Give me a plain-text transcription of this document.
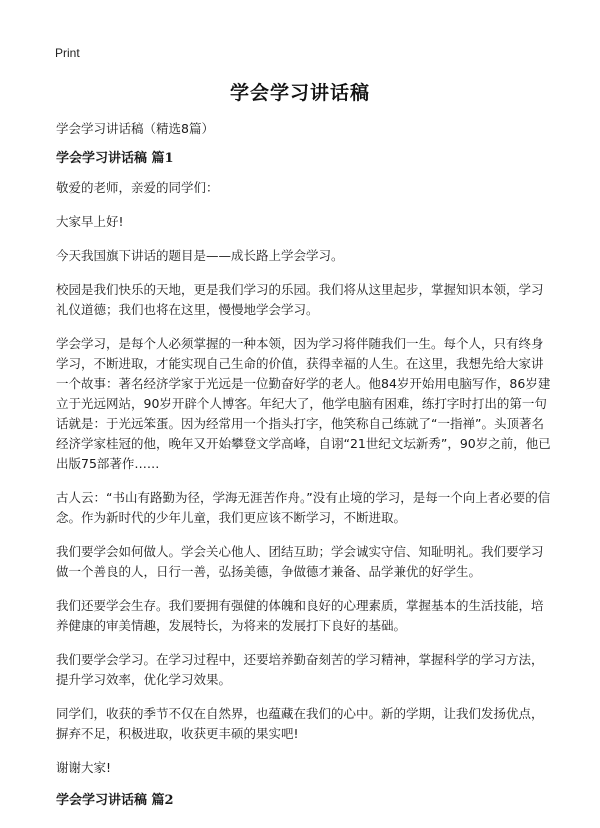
Print
学会学习讲话稿
学会学习讲话稿（精选8篇）
学会学习讲话稿 篇1

敬爱的老师，亲爱的同学们：

大家早上好!

今天我国旗下讲话的题目是——成长路上学会学习。

校园是我们快乐的天地，更是我们学习的乐园。我们将从这里起步，掌握知识本领，学习礼仪道德；我们也将在这里，慢慢地学会学习。

学会学习，是每个人必须掌握的一种本领，因为学习将伴随我们一生。每个人，只有终身学习，不断进取，才能实现自己生命的价值，获得幸福的人生。在这里，我想先给大家讲一个故事：著名经济学家于光远是一位勤奋好学的老人。他84岁开始用电脑写作，86岁建立于光远网站，90岁开辟个人博客。年纪大了，他学电脑有困难，练打字时打出的第一句话就是：于光远笨蛋。因为经常用一个指头打字，他笑称自己练就了“一指禅”。头顶著名经济学家桂冠的他，晚年又开始攀登文学高峰，自诩“21世纪文坛新秀”，90岁之前，他已出版75部著作……

古人云：“书山有路勤为径，学海无涯苦作舟。”没有止境的学习，是每一个向上者必要的信念。作为新时代的少年儿童，我们更应该不断学习，不断进取。

我们要学会如何做人。学会关心他人、团结互助；学会诚实守信、知耻明礼。我们要学习做一个善良的人，日行一善，弘扬美德，争做德才兼备、品学兼优的好学生。

我们还要学会生存。我们要拥有强健的体魄和良好的心理素质，掌握基本的生活技能，培养健康的审美情趣，发展特长，为将来的发展打下良好的基础。

我们要学会学习。在学习过程中，还要培养勤奋刻苦的学习精神，掌握科学的学习方法，提升学习效率，优化学习效果。

同学们，收获的季节不仅在自然界，也蕴藏在我们的心中。新的学期，让我们发扬优点，摒弃不足，积极进取，收获更丰硕的果实吧!

谢谢大家!

学会学习讲话稿 篇2
